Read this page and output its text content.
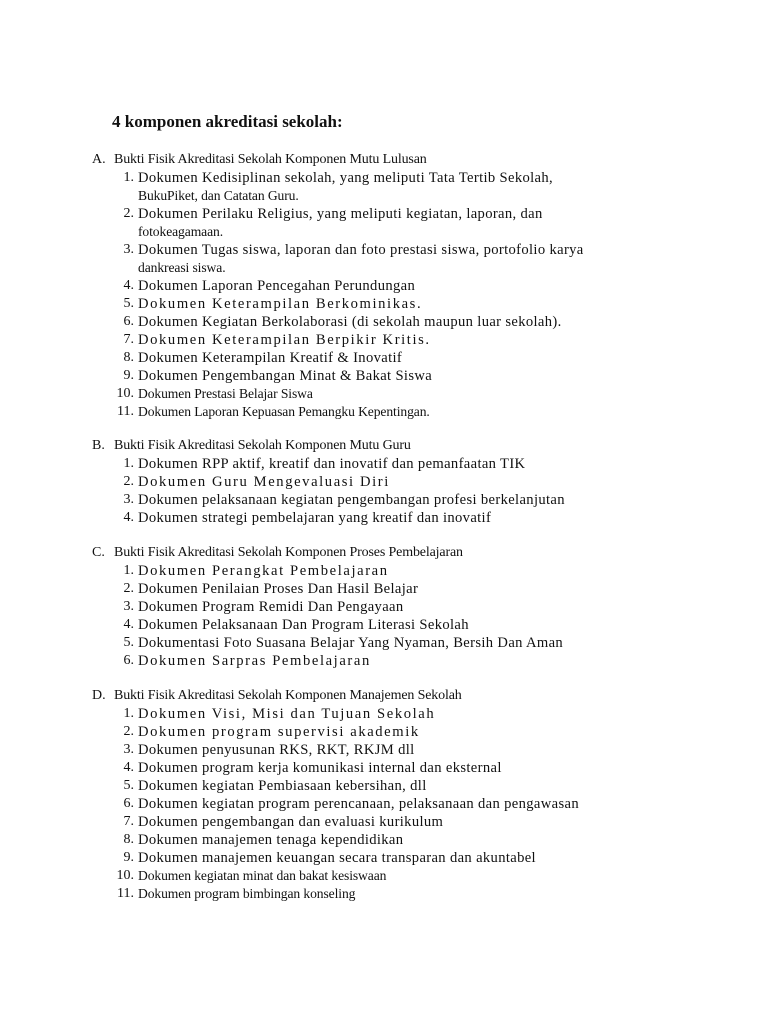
4 komponen akreditasi sekolah:
A. Bukti Fisik Akreditasi Sekolah Komponen Mutu Lulusan
1. Dokumen Kedisiplinan sekolah, yang meliputi Tata Tertib Sekolah,
BukuPiket, dan Catatan Guru.
2. Dokumen Perilaku Religius, yang meliputi kegiatan, laporan, dan
fotokeagamaan.
3. Dokumen Tugas siswa, laporan dan foto prestasi siswa, portofolio karya
dankreasi siswa.
4. Dokumen Laporan Pencegahan Perundungan
5. Dokumen Keterampilan Berkominikas.
6. Dokumen Kegiatan Berkolaborasi (di sekolah maupun luar sekolah).
7. Dokumen Keterampilan Berpikir Kritis.
8. Dokumen Keterampilan Kreatif & Inovatif
9. Dokumen Pengembangan Minat & Bakat Siswa
10. Dokumen Prestasi Belajar Siswa
11. Dokumen Laporan Kepuasan Pemangku Kepentingan.
B. Bukti Fisik Akreditasi Sekolah Komponen Mutu Guru
1. Dokumen RPP aktif, kreatif dan inovatif dan pemanfaatan TIK
2. Dokumen Guru Mengevaluasi Diri
3. Dokumen pelaksanaan kegiatan pengembangan profesi berkelanjutan
4. Dokumen strategi pembelajaran yang kreatif dan inovatif
C. Bukti Fisik Akreditasi Sekolah Komponen Proses Pembelajaran
1. Dokumen Perangkat Pembelajaran
2. Dokumen Penilaian Proses Dan Hasil Belajar
3. Dokumen Program Remidi Dan Pengayaan
4. Dokumen Pelaksanaan Dan Program Literasi Sekolah
5. Dokumentasi Foto Suasana Belajar Yang Nyaman, Bersih Dan Aman
6. Dokumen Sarpras Pembelajaran
D. Bukti Fisik Akreditasi Sekolah Komponen Manajemen Sekolah
1. Dokumen Visi, Misi dan Tujuan Sekolah
2. Dokumen program supervisi akademik
3. Dokumen penyusunan RKS, RKT, RKJM dll
4. Dokumen program kerja komunikasi internal dan eksternal
5. Dokumen kegiatan Pembiasaan kebersihan, dll
6. Dokumen kegiatan program perencanaan, pelaksanaan dan pengawasan
7. Dokumen pengembangan dan evaluasi kurikulum
8. Dokumen manajemen tenaga kependidikan
9. Dokumen manajemen keuangan secara transparan dan akuntabel
10. Dokumen kegiatan minat dan bakat kesiswaan
11. Dokumen program bimbingan konseling
